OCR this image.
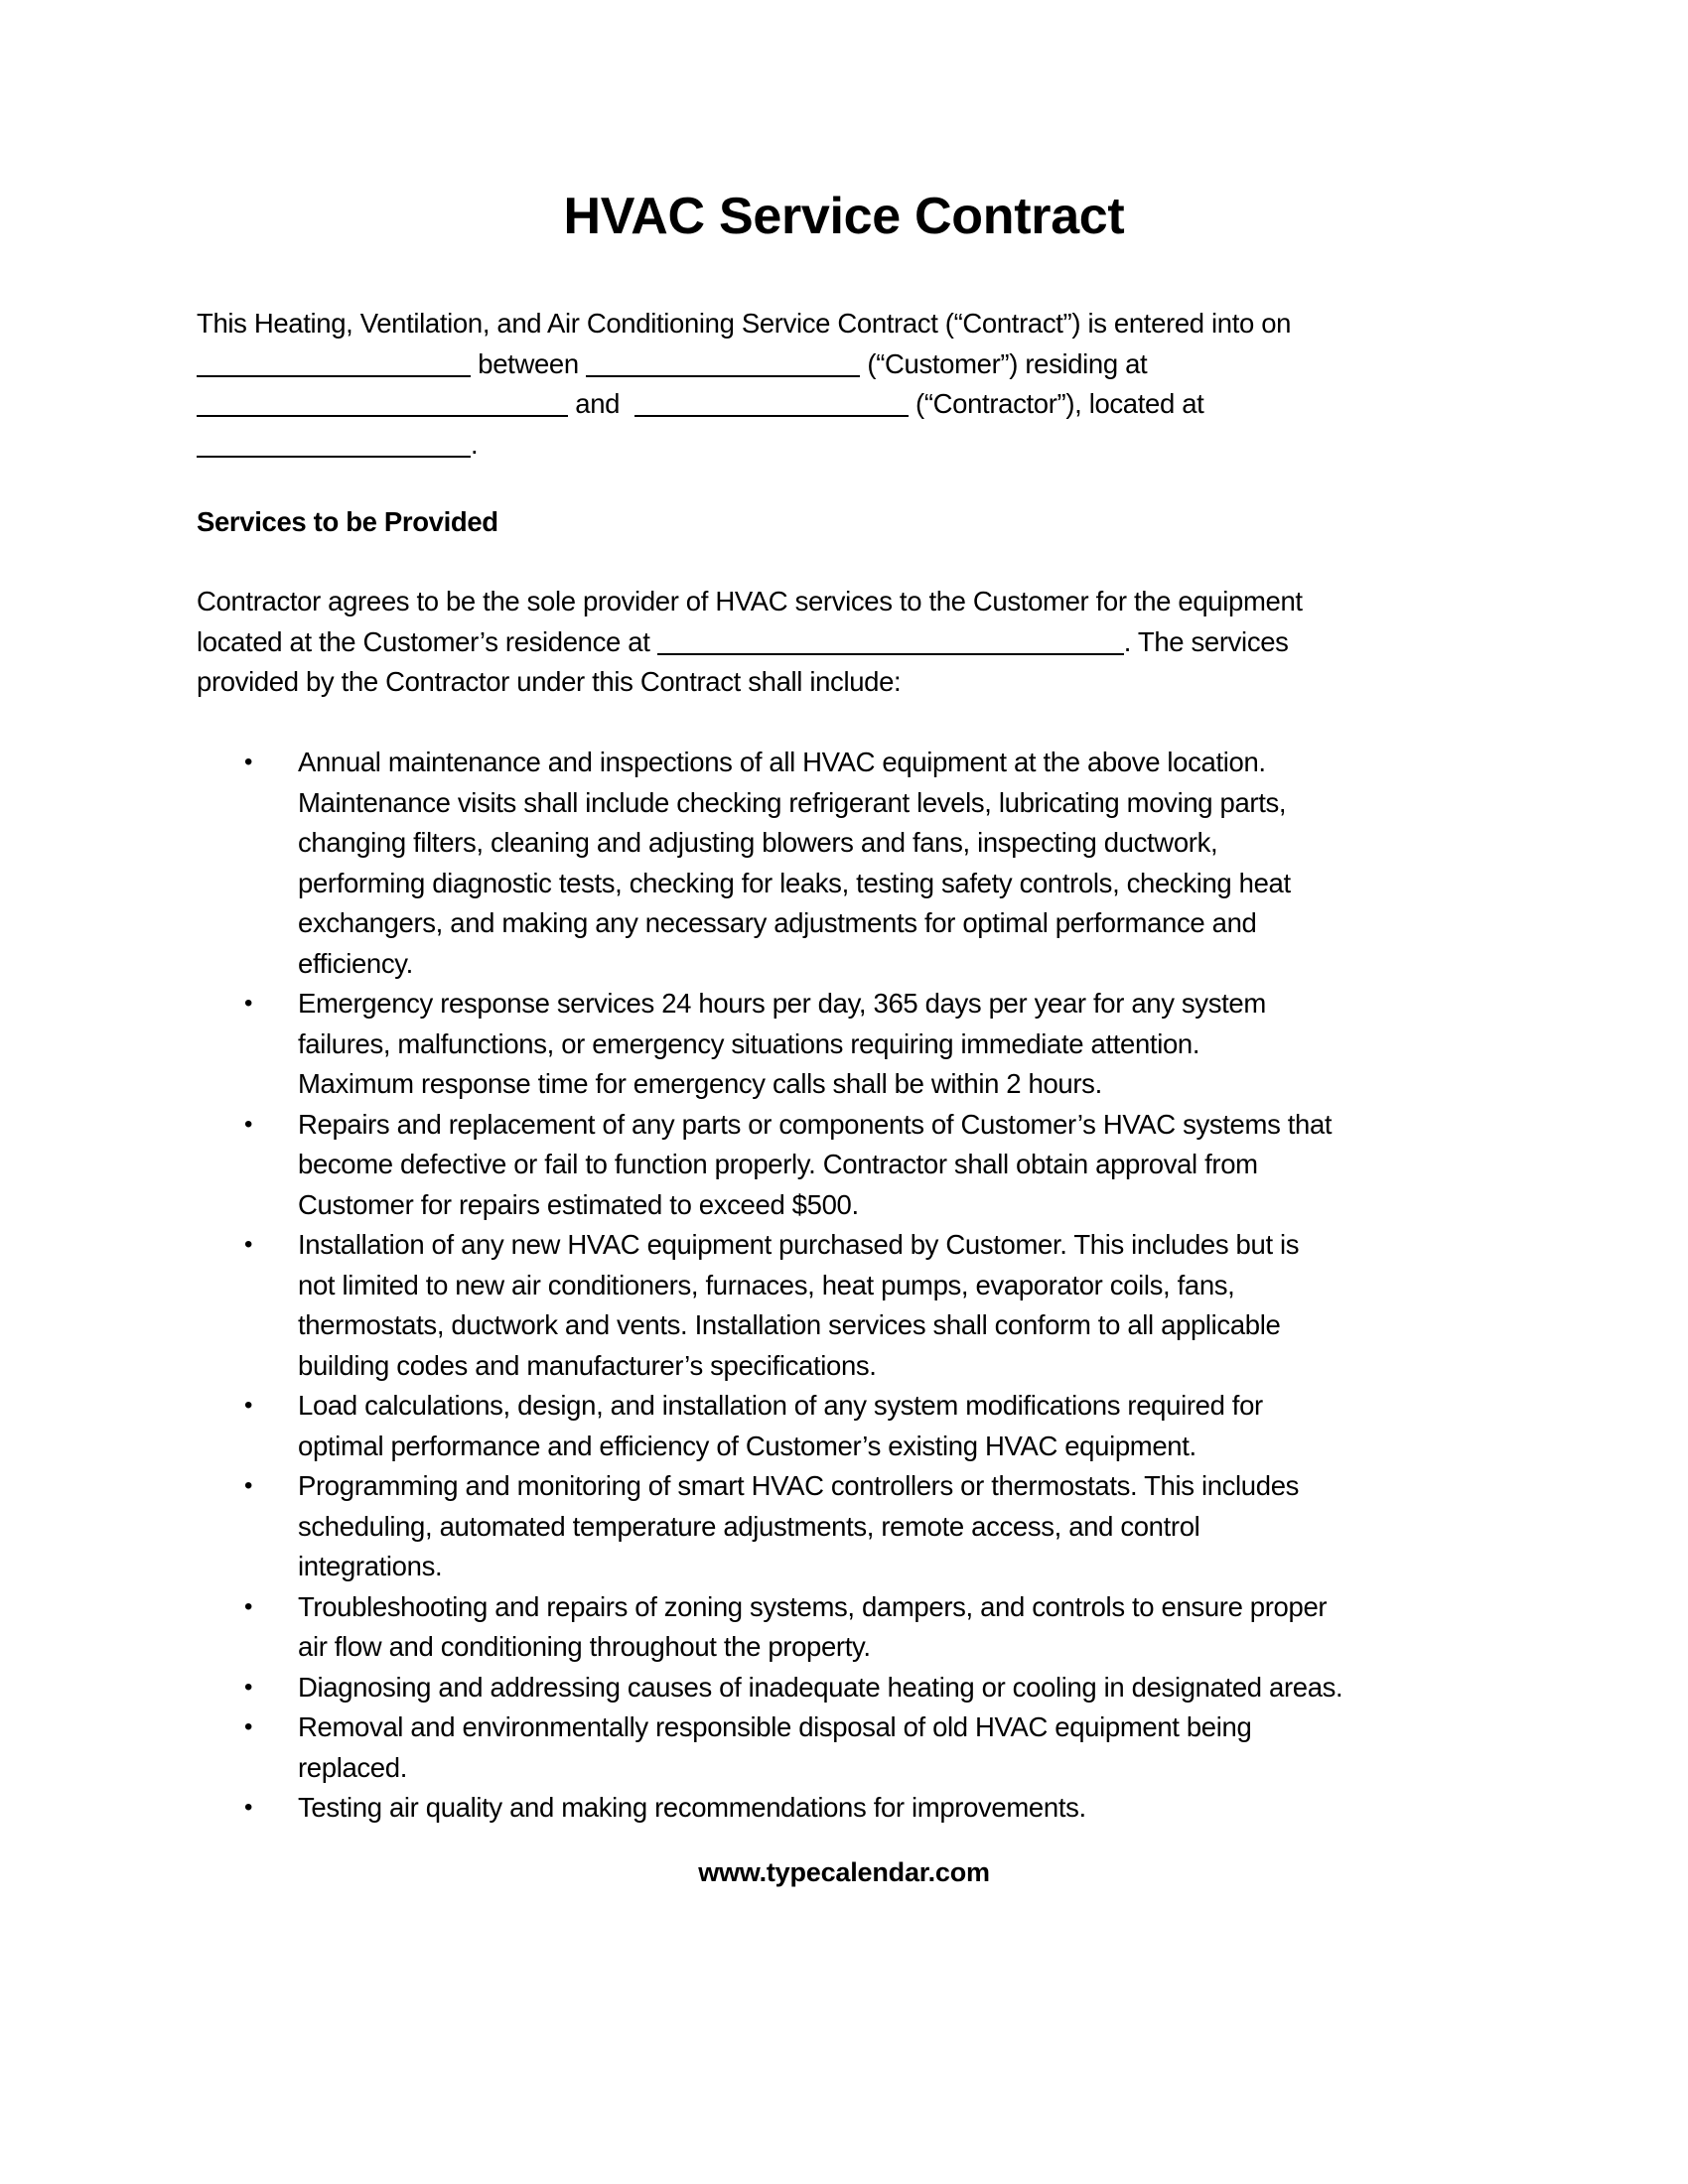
HVAC Service Contract
This Heating, Ventilation, and Air Conditioning Service Contract (“Contract”) is entered into on
between	(“Customer”) residing at
and	(“Contractor”), located at
.
Services to be Provided
Contractor agrees to be the sole provider of HVAC services to the Customer for the equipment
located at the Customer’s residence at	. The services
provided by the Contractor under this Contract shall include:
•	Annual maintenance and inspections of all HVAC equipment at the above location.
Maintenance visits shall include checking refrigerant levels, lubricating moving parts,
changing filters, cleaning and adjusting blowers and fans, inspecting ductwork,
performing diagnostic tests, checking for leaks, testing safety controls, checking heat
exchangers, and making any necessary adjustments for optimal performance and
efficiency.
•	Emergency response services 24 hours per day, 365 days per year for any system
failures, malfunctions, or emergency situations requiring immediate attention.
Maximum response time for emergency calls shall be within 2 hours.
•	Repairs and replacement of any parts or components of Customer’s HVAC systems that
become defective or fail to function properly. Contractor shall obtain approval from
Customer for repairs estimated to exceed $500.
•	Installation of any new HVAC equipment purchased by Customer. This includes but is
not limited to new air conditioners, furnaces, heat pumps, evaporator coils, fans,
thermostats, ductwork and vents. Installation services shall conform to all applicable
building codes and manufacturer’s specifications.
•	Load calculations, design, and installation of any system modifications required for
optimal performance and efficiency of Customer’s existing HVAC equipment.
•	Programming and monitoring of smart HVAC controllers or thermostats. This includes
scheduling, automated temperature adjustments, remote access, and control
integrations.
•	Troubleshooting and repairs of zoning systems, dampers, and controls to ensure proper
air flow and conditioning throughout the property.
•	Diagnosing and addressing causes of inadequate heating or cooling in designated areas.
•	Removal and environmentally responsible disposal of old HVAC equipment being
replaced.
•	Testing air quality and making recommendations for improvements.
www.typecalendar.com
